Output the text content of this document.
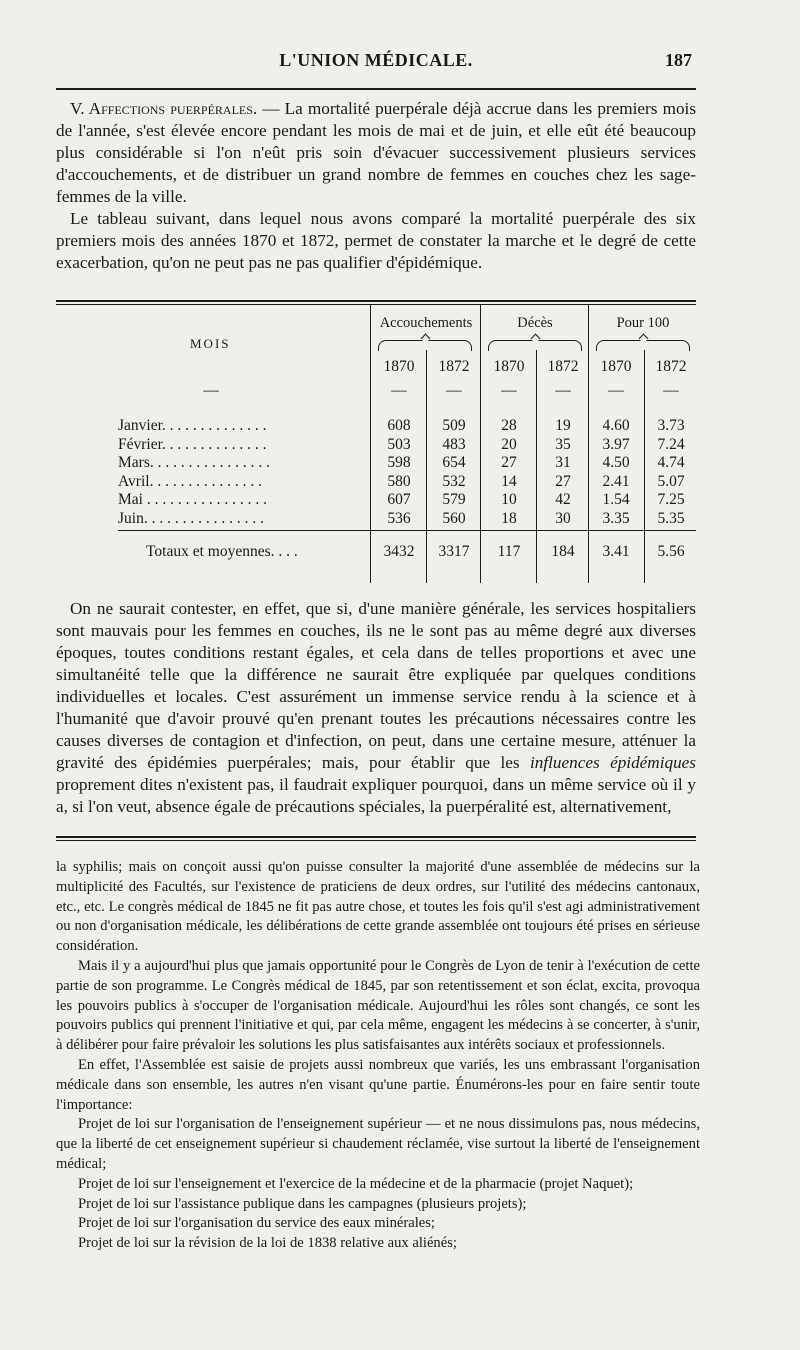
L'UNION MÉDICALE.	187

V. Affections puerpérales. — La mortalité puerpérale déjà accrue dans les premiers mois de l'année, s'est élevée encore pendant les mois de mai et de juin, et elle eût été beaucoup plus considérable si l'on n'eût pris soin d'évacuer successivement plusieurs services d'accouchements, et de distribuer un grand nombre de femmes en couches chez les sage-femmes de la ville.

Le tableau suivant, dans lequel nous avons comparé la mortalité puerpérale des six premiers mois des années 1870 et 1872, permet de constater la marche et le degré de cette exacerbation, qu'on ne peut pas ne pas qualifier d'épidémique.

MOIS
Accouchements	Décès	Pour 100
1870	1872	1870	1872	1870	1872
—	—	—	—	—	—	—
Janvier. . . . . . . . . . . . . .	608	509	28	19	4.60	3.73
Février. . . . . . . . . . . . . .	503	483	20	35	3.97	7.24
Mars. . . . . . . . . . . . . . . .	598	654	27	31	4.50	4.74
Avril. . . . . . . . . . . . . . .	580	532	14	27	2.41	5.07
Mai . . . . . . . . . . . . . . . .	607	579	10	42	1.54	7.25
Juin. . . . . . . . . . . . . . . .	536	560	18	30	3.35	5.35
Totaux et moyennes. . . .	3432	3317	117	184	3.41	5.56

On ne saurait contester, en effet, que si, d'une manière générale, les services hospitaliers sont mauvais pour les femmes en couches, ils ne le sont pas au même degré aux diverses époques, toutes conditions restant égales, et cela dans de telles proportions et avec une simultanéité telle que la différence ne saurait être expliquée par quelques conditions individuelles et locales. C'est assurément un immense service rendu à la science et à l'humanité que d'avoir prouvé qu'en prenant toutes les précautions nécessaires contre les causes diverses de contagion et d'infection, on peut, dans une certaine mesure, atténuer la gravité des épidémies puerpérales; mais, pour établir que les influences épidémiques proprement dites n'existent pas, il faudrait expliquer pourquoi, dans un même service où il y a, si l'on veut, absence égale de précautions spéciales, la puerpéralité est, alternativement,

la syphilis; mais on conçoit aussi qu'on puisse consulter la majorité d'une assemblée de médecins sur la multiplicité des Facultés, sur l'existence de praticiens de deux ordres, sur l'utilité des médecins cantonaux, etc., etc. Le congrès médical de 1845 ne fit pas autre chose, et toutes les fois qu'il s'est agi administrativement ou non d'organisation médicale, les délibérations de cette grande assemblée ont toujours été prises en sérieuse considération.

Mais il y a aujourd'hui plus que jamais opportunité pour le Congrès de Lyon de tenir à l'exécution de cette partie de son programme. Le Congrès médical de 1845, par son retentissement et son éclat, excita, provoqua les pouvoirs publics à s'occuper de l'organisation médicale. Aujourd'hui les rôles sont changés, ce sont les pouvoirs publics qui prennent l'initiative et qui, par cela même, engagent les médecins à se concerter, à s'unir, à délibérer pour faire prévaloir les solutions les plus satisfaisantes aux intérêts sociaux et professionnels.

En effet, l'Assemblée est saisie de projets aussi nombreux que variés, les uns embrassant l'organisation médicale dans son ensemble, les autres n'en visant qu'une partie. Énumérons-les pour en faire sentir toute l'importance:

Projet de loi sur l'organisation de l'enseignement supérieur — et ne nous dissimulons pas, nous médecins, que la liberté de cet enseignement supérieur si chaudement réclamée, vise surtout la liberté de l'enseignement médical;

Projet de loi sur l'enseignement et l'exercice de la médecine et de la pharmacie (projet Naquet);

Projet de loi sur l'assistance publique dans les campagnes (plusieurs projets);

Projet de loi sur l'organisation du service des eaux minérales;

Projet de loi sur la révision de la loi de 1838 relative aux aliénés;
